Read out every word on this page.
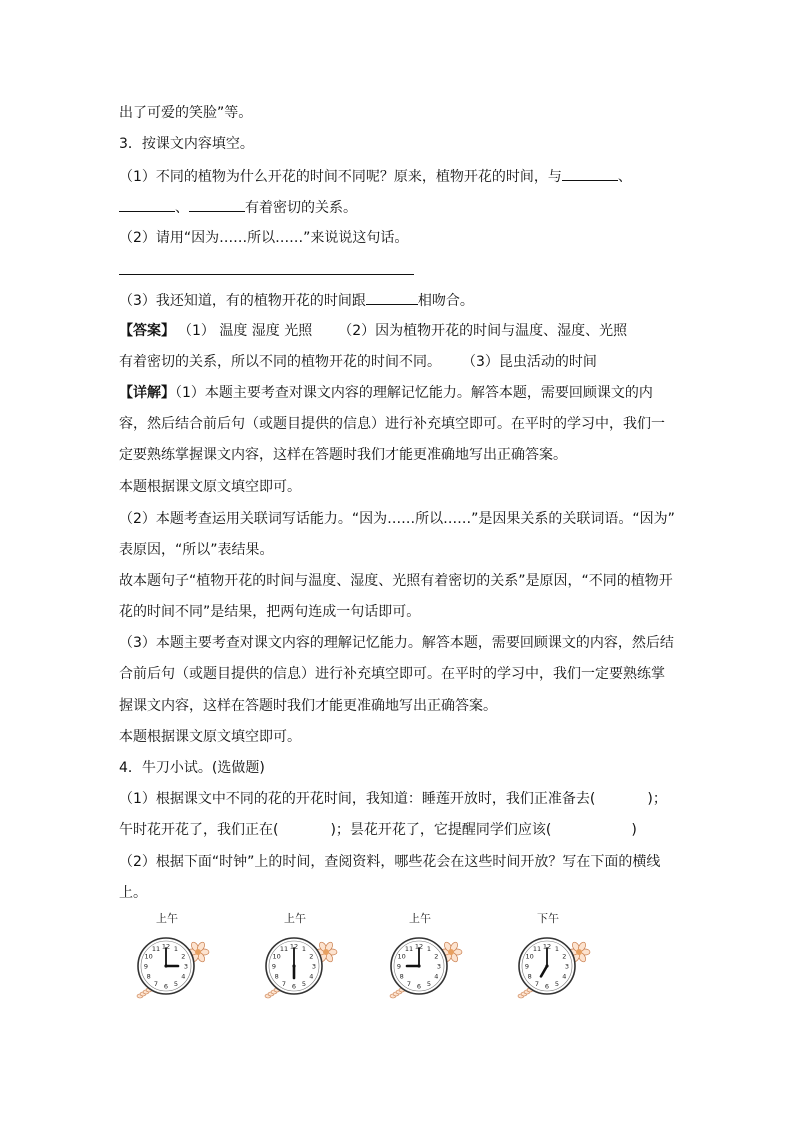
出了可爱的笑脸”等。
3．按课文内容填空。
（1）不同的植物为什么开花的时间不同呢？原来，植物开花的时间，与	、
、	有着密切的关系。
（2）请用“因为……所以……”来说说这句话。
（3）我还知道，有的植物开花的时间跟	相吻合。
【答案】 （1） 温度 湿度 光照 （2）因为植物开花的时间与温度、湿度、光照
有着密切的关系，所以不同的植物开花的时间不同。 （3）昆虫活动的时间
【详解】（1）本题主要考查对课文内容的理解记忆能力。解答本题，需要回顾课文的内
容，然后结合前后句（或题目提供的信息）进行补充填空即可。在平时的学习中，我们一
定要熟练掌握课文内容，这样在答题时我们才能更准确地写出正确答案。
本题根据课文原文填空即可。
（2）本题考查运用关联词写话能力。“因为……所以……”是因果关系的关联词语。“因为”
表原因，“所以”表结果。
故本题句子“植物开花的时间与温度、湿度、光照有着密切的关系”是原因，“不同的植物开
花的时间不同”是结果，把两句连成一句话即可。
（3）本题主要考查对课文内容的理解记忆能力。解答本题，需要回顾课文的内容，然后结
合前后句（或题目提供的信息）进行补充填空即可。在平时的学习中，我们一定要熟练掌
握课文内容，这样在答题时我们才能更准确地写出正确答案。
本题根据课文原文填空即可。
4．牛刀小试。(选做题)
（1）根据课文中不同的花的开花时间，我知道：睡莲开放时，我们正准备去(	)；
午时花开花了，我们正在(	)；昙花开花了，它提醒同学们应该(	)
（2）根据下面“时钟”上的时间，查阅资料，哪些花会在这些时间开放？写在下面的横线
上。
上午
1
2
3
4
5
6
7
8
9
10
11 12
上午
1
2
3
4
5
6
7
8
9
10
11 12
上午
1
2
3
4
5
6
7
8
9
10
11 12
下午
1
2
3
4
5
6
7
8
9
10
11 12
